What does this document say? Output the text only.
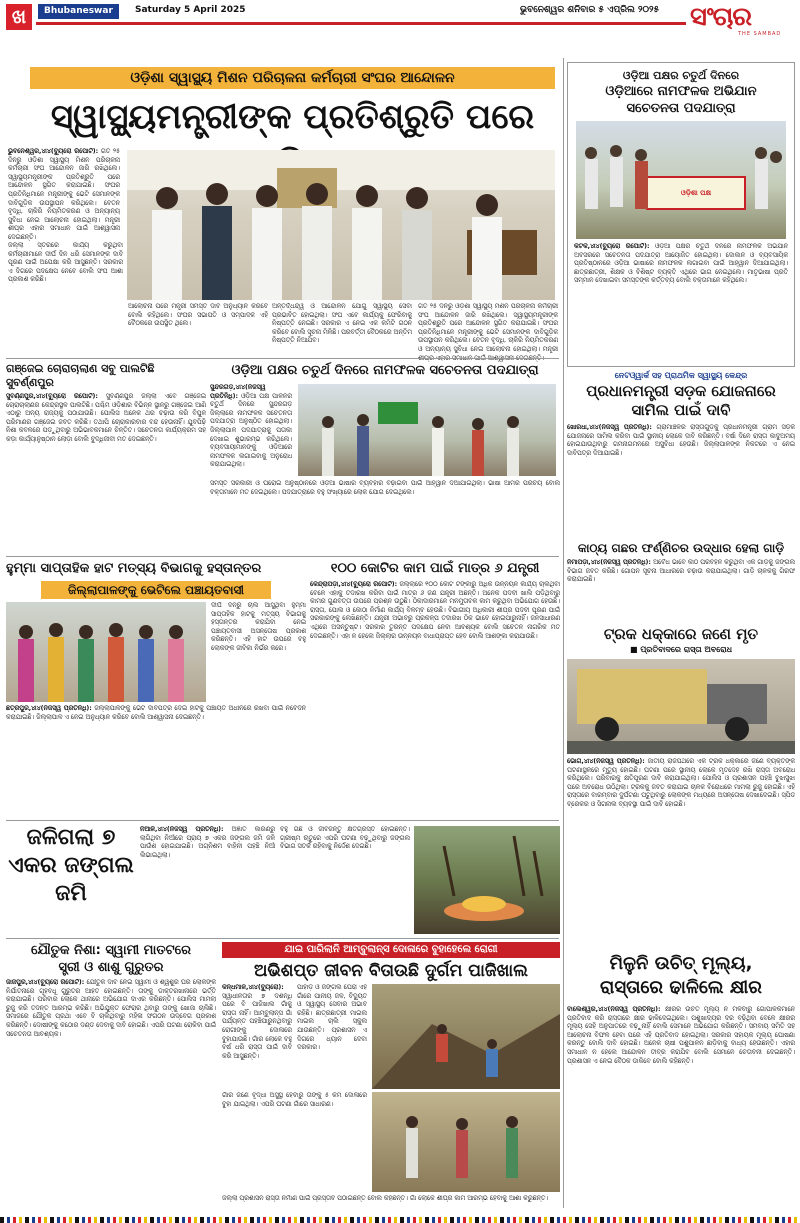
ଖ	Bhubaneswar	Saturday 5 April 2025	ଭୁବନେଶ୍ୱର ଶନିବାର ୫ ଏପ୍ରିଲ ୨୦୨୫ ସଂଚାର
THE SAMBAD
ଓଡ଼ିଶା ସ୍ୱାସ୍ଥ୍ୟ ମିଶନ ପରିଚାଳନା କର୍ମଚାରୀ ସଂଘର ଆନ୍ଦୋଳନ
ସ୍ୱାସ୍ଥ୍ୟମନ୍ତ୍ରୀଙ୍କ ପ୍ରତିଶ୍ରୁତି ପରେ
ଭୁବନେଶ୍ୱର,୪ା୪(ବ୍ୟୁରୋ ରିପୋର୍ଟ): ଗତ ୨୫ ଦିନରୁ ଓଡ଼ିଶା ସ୍ୱାସ୍ଥ୍ୟ ମିଶନ ପରିଚାଳନା କର୍ମଚାରୀ ସଂଘ ଆନ୍ଦୋଳନ ଜାରି ରଖିଥିଲେ। ସ୍ୱାସ୍ଥ୍ୟମନ୍ତ୍ରୀଙ୍କ ପ୍ରତିଶ୍ରୁତି ପରେ ଆନ୍ଦୋଳନ ସ୍ଥଗିତ କରାଯାଇଛି। ସଂଘର ପ୍ରତିନିଧିମାନେ ମନ୍ତ୍ରୀଙ୍କୁ ଭେଟି ସେମାନଙ୍କ ଦାବିଗୁଡ଼ିକ ଉପସ୍ଥାପନ କରିଥିଲେ। ବେତନ ବୃଦ୍ଧି, ଚାକିରି ନିୟମିତକରଣ ଓ ଅନ୍ୟାନ୍ୟ ସୁବିଧା ନେଇ ଆଲୋଚନା ହୋଇଥିଲା। ମନ୍ତ୍ରୀ ଶୀଘ୍ର ଏହାର ସମାଧାନ ପାଇଁ ଆଶ୍ୱାସନା ଦେଇଛନ୍ତି।
ଜିଲ୍ଲା ସ୍ତରରେ କାର୍ଯ୍ୟ କରୁଥିବା କର୍ମଚାରୀମାନେ ଦୀର୍ଘ ଦିନ ଧରି ସେମାନଙ୍କ ଦାବି ପୂରଣ ପାଇଁ ଅପେକ୍ଷା କରି ଆସୁଛନ୍ତି। ସରକାର ଏ ଦିଗରେ ପଦକ୍ଷେପ ନେବେ ବୋଲି ସଂଘ ଆଶା ପ୍ରକାଶ କରିଛି।
ଆଲୋଚନା ପରେ ମନ୍ତ୍ରୀ ସମସ୍ତ ଦାବି ଅନୁଧ୍ୟାନ କରିବେ ବୋଲି କହିଥିଲେ। ସଂଘର ସଭାପତି ଓ ସମ୍ପାଦକ ଏହି ବୈଠକରେ ଉପସ୍ଥିତ ଥିଲେ।
ଅନ୍ତର୍ଦ୍ଧନ୍ଦ୍ୱ ଓ ଆନ୍ଦୋଳନ ଯୋଗୁ ସ୍ୱାସ୍ଥ୍ୟ ସେବା ପ୍ରଭାବିତ ହୋଇଥିଲା। ସଂଘ ଏବେ କାର୍ଯ୍ୟକୁ ଫେରିବାକୁ ନିଷ୍ପତ୍ତି ନେଇଛି। ସରକାର ଏ ନେଇ ଏକ କମିଟି ଗଠନ କରିବେ ବୋଲି ସୂଚନା ମିଳିଛି। ପରବର୍ତ୍ତୀ ବୈଠକରେ ଅନ୍ତିମ ନିଷ୍ପତ୍ତି ନିଆଯିବ।
ଗତ ୨୫ ଦିନରୁ ଓଡ଼ିଶା ସ୍ୱାସ୍ଥ୍ୟ ମିଶନ ପରିଚାଳନା କର୍ମଚାରୀ ସଂଘ ଆନ୍ଦୋଳନ ଜାରି ରଖିଥିଲେ। ସ୍ୱାସ୍ଥ୍ୟମନ୍ତ୍ରୀଙ୍କ ପ୍ରତିଶ୍ରୁତି ପରେ ଆନ୍ଦୋଳନ ସ୍ଥଗିତ କରାଯାଇଛି। ସଂଘର ପ୍ରତିନିଧିମାନେ ମନ୍ତ୍ରୀଙ୍କୁ ଭେଟି ସେମାନଙ୍କ ଦାବିଗୁଡ଼ିକ ଉପସ୍ଥାପନ କରିଥିଲେ। ବେତନ ବୃଦ୍ଧି, ଚାକିରି ନିୟମିତକରଣ ଓ ଅନ୍ୟାନ୍ୟ ସୁବିଧା ନେଇ ଆଲୋଚନା ହୋଇଥିଲା। ମନ୍ତ୍ରୀ
ଓଡ଼ିଆ ପକ୍ଷର ଚତୁର୍ଥ ଦିନରେ
ଓଡ଼ିଆରେ ନାମଫଳକ ଅଭିଯାନ
ସଚେତନତା ପଦଯାତ୍ରା
ଓଡ଼ିଶା ପକ୍ଷ
କଟକ,୪ା୪(ବ୍ୟୁରୋ ରିପୋର୍ଟ): ଓଡ଼ିଆ ପକ୍ଷର ଚତୁର୍ଥ ଦିନରେ ନାମଫଳକ ଅଭିଯାନ ଅବସରରେ ସଚେତନତା ପଦଯାତ୍ରା ଆୟୋଜିତ ହୋଇଥିଲା। ଦୋକାନ ଓ ବ୍ୟବସାୟିକ ପ୍ରତିଷ୍ଠାନରେ ଓଡ଼ିଆ ଭାଷାରେ ନାମଫଳକ ଲଗାଇବା ପାଇଁ ଆହ୍ୱାନ ଦିଆଯାଇଥିଲା। ଛାତ୍ରଛାତ୍ରୀ, ଶିକ୍ଷକ ଓ ବିଶିଷ୍ଟ ବ୍ୟକ୍ତି ଏଥିରେ ଭାଗ ନେଇଥିଲେ। ମାତୃଭାଷା ପ୍ରତି ସମ୍ମାନ ଦେଖାଇବା ସମସ୍ତଙ୍କ କର୍ତ୍ତବ୍ୟ ବୋଲି ବକ୍ତାମାନେ କହିଥିଲେ।
ନେଟଓ୍ୱାର୍କ ସହ ପ୍ରାଥମିକ ସ୍ୱାସ୍ଥ୍ୟ କେନ୍ଦ୍ର
ପ୍ରଧାନମନ୍ତ୍ରୀ ସଡ଼କ ଯୋଜନାରେ
ସାମିଲ ପାଇଁ ଦାବି
ଖୋରଧା,୪ା୪(ନିଜସ୍ୱ ପ୍ରତିନିଧି): ଗ୍ରାମାଞ୍ଚଳର ରାସ୍ତାଗୁଡ଼ିକୁ ପ୍ରଧାନମନ୍ତ୍ରୀ ଗ୍ରାମ ସଡ଼କ ଯୋଜନାରେ ସାମିଲ କରିବା ପାଇଁ ସ୍ଥାନୀୟ ଲୋକେ ଦାବି କରିଛନ୍ତି। ବର୍ଷା ଦିନେ ରାସ୍ତା କାଦୁଅମୟ ହୋଇଯାଉଥିବାରୁ ଗମନାଗମନରେ ଅସୁବିଧା ହେଉଛି। ଜିଲ୍ଲାପାଳଙ୍କ ନିକଟରେ ଏ ନେଇ ଦାବିପତ୍ର ଦିଆଯାଇଛି।
କାଠ୍ୟ ଗଛର ଫର୍ଣ୍ଣିଚର ଉଦ୍ଧାର ହେଲା ଗାଡ଼ି
ନିମାପଡ଼ା,୪ା୪(ନିଜସ୍ୱ ପ୍ରତିନିଧି): ଅବୈଧ ଭାବେ କାଠ ପରିବହନ କରୁଥିବା ଏକ ଗାଡ଼ିକୁ ଜଙ୍ଗଲ ବିଭାଗ ଜବତ କରିଛି। ଗୋପନ ସୂଚନା ଆଧାରରେ ଚଢ଼ାଉ କରାଯାଇଥିଲା। ଗାଡ଼ି ଚାଳକକୁ ଗିରଫ କରାଯାଇଛି।
ଟ୍ରକ ଧକ୍କାରେ ଜଣେ ମୃତ
■ ପ୍ରତିବାଦରେ ରାସ୍ତା ଅବରୋଧ
ଭୋଗ,୪ା୪(ନିଜସ୍ୱ ପ୍ରତିନିଧି): ଜାତୀୟ ରାଜପଥରେ ଏକ ଟ୍ରକ ଧକ୍କାରେ ଜଣେ ବ୍ୟକ୍ତିଙ୍କ ଘଟଣାସ୍ଥଳରେ ମୃତ୍ୟୁ ହୋଇଛି। ଘଟଣା ପରେ ସ୍ଥାନୀୟ ଲୋକେ ମୃତଦେହ ରଖି ରାସ୍ତା ଅବରୋଧ କରିଥିଲେ। ପରିବାରକୁ କ୍ଷତିପୂରଣ ଦାବି କରାଯାଇଥିଲା। ପୋଲିସ ଓ ପ୍ରଶାସନ ପହଞ୍ଚି ବୁଝାସୁଝା ପରେ ଅବରୋଧ ଉଠିଥିଲା। ଟ୍ରକକୁ ଜବତ କରାଯାଇ ଚାଳକ ବିରୋଧରେ ମାମଲା ରୁଜୁ ହୋଇଛି। ଏହି ରାସ୍ତାରେ ବାରମ୍ବାର ଦୁର୍ଘଟଣା ଘଟୁଥିବାରୁ ଲୋକଙ୍କ ମଧ୍ୟରେ ଅସନ୍ତୋଷ ଦେଖାଦେଇଛି। ସ୍ପିଡ ବ୍ରେକର ଓ ସିଗନାଲ ବ୍ୟବସ୍ଥା ପାଇଁ ଦାବି ହୋଇଛି।
ମିଳୁନି ଉଚିତ୍ ମୂଲ୍ୟ,
ରାସ୍ତାରେ ଢାଳିଲେ କ୍ଷୀର
ବାଲେଶ୍ୱର,୪ା୪(ନିଜସ୍ୱ ପ୍ରତିନିଧି): କ୍ଷୀରର ଉଚିତ ମୂଲ୍ୟ ନ ମିଳିବାରୁ ଗୋପାଳକମାନେ ପ୍ରତିବାଦ କରି ରାସ୍ତାରେ କ୍ଷୀର ଢାଳିଦେଇଥିଲେ। ପଶୁଖାଦ୍ୟର ଦର ବଢ଼ିଥିବା ବେଳେ କ୍ଷୀରର ମୂଲ୍ୟ ସେହି ଅନୁପାତରେ ବଢ଼ୁନାହିଁ ବୋଲି ସେମାନେ ଅଭିଯୋଗ କରିଛନ୍ତି। ସମବାୟ ସମିତି ସହ ଆଲୋଚନା ବିଫଳ ହେବା ପରେ ଏହି ପ୍ରତିବାଦ ହୋଇଥିଲା। ସରକାର ସହାୟକ ମୂଲ୍ୟ ଘୋଷଣା କରନ୍ତୁ ବୋଲି ଦାବି ହୋଇଛି। ଅନେକ ଚାଷୀ ପଶୁପାଳନ ଛାଡ଼ିବାକୁ ବାଧ୍ୟ ହେଉଛନ୍ତି। ଏହାର ସମାଧାନ ନ ହେଲେ ଆନ୍ଦୋଳନ ତୀବ୍ର କରାଯିବ ବୋଲି ସେମାନେ ଚେତାବନୀ ଦେଇଛନ୍ତି। ପ୍ରଶାସନ ଏ ନେଇ ବୈଠକ ଡାକିବେ ବୋଲି କହିଛନ୍ତି।
ଗଞ୍ଜେଇ ଚୋରାଚାଲାଣ ସବୁ ପାଲଟିଛି ସୁବର୍ଣ୍ଣପୁର
ସୁବର୍ଣ୍ଣପୁର,୪ା୪(ବ୍ୟୁରୋ ରିପୋର୍ଟ): ସୁବର୍ଣ୍ଣପୁର ଜିଲ୍ଲା ଏବେ ଗଞ୍ଜେଇ ଚୋରାଚାଲାଣର କେନ୍ଦ୍ରସ୍ଥଳ ପାଲଟିଛି। ପଶ୍ଚିମ ଓଡ଼ିଶାର ବିଭିନ୍ନ ସ୍ଥାନରୁ ଗଞ୍ଜେଇ ଆଣି ଏଠାରୁ ଅନ୍ୟ ରାଜ୍ୟକୁ ପଠାଯାଉଛି। ପୋଲିସ ଅନେକ ଥର ଚଢ଼ାଉ କରି ବିପୁଳ ପରିମାଣର ଗଞ୍ଜେଇ ଜବତ କରିଛି। ତଥାପି ଚୋରାକାରବାର ବନ୍ଦ ହେଉନାହିଁ। ଯୁବପିଢ଼ି ନିଶା କବଳରେ ପଡ଼ୁଥିବାରୁ ଅଭିଭାବକମାନେ ଚିନ୍ତିତ। ସଚେତନତା କାର୍ଯ୍ୟକ୍ରମ ସହ କଡ଼ା କାର୍ଯ୍ୟାନୁଷ୍ଠାନ ଲୋଡ଼ା ବୋଲି ବୁଦ୍ଧିଜୀବୀ ମତ ଦେଇଛନ୍ତି।
ଓଡ଼ିଆ ପକ୍ଷର ଚତୁର୍ଥ ଦିନରେ ନାମଫଳକ ସଚେତନତା ପଦଯାତ୍ରା
ସୁନ୍ଦରଗଡ଼,୪ା୪(ନିଜସ୍ୱ ପ୍ରତିନିଧି): ଓଡ଼ିଆ ପକ୍ଷ ପାଳନର ଚତୁର୍ଥ ଦିନରେ ସୁନ୍ଦରଗଡ଼ ଜିଲ୍ଲାରେ ନାମଫଳକ ସଚେତନତା ପଦଯାତ୍ରା ଅନୁଷ୍ଠିତ ହୋଇଥିଲା। ଜିଲ୍ଲାପାଳ ପଦଯାତ୍ରାକୁ ପତାକା ଦେଖାଇ ଶୁଭାରମ୍ଭ କରିଥିଲେ। ବ୍ୟବସାୟୀମାନଙ୍କୁ ଓଡ଼ିଆରେ ନାମଫଳକ ଲଗାଇବାକୁ ଅନୁରୋଧ କରାଯାଇଥିଲା।
ସମସ୍ତ ସରକାରୀ ଓ ଘରୋଇ ଅନୁଷ୍ଠାନରେ ଓଡ଼ିଆ ଭାଷାର ବ୍ୟବହାର ବଢ଼ାଇବା ପାଇଁ ଆହ୍ୱାନ ଦିଆଯାଇଥିଲା। ଭାଷା ଆମର ପରିଚୟ ବୋଲି ବକ୍ତାମାନେ ମତ ଦେଇଥିଲେ। ପଦଯାତ୍ରାରେ ବହୁ ସଂଖ୍ୟାରେ ଲୋକ ଯୋଗ ଦେଇଥିଲେ।
ହୁମ୍ମା ସାପ୍ତାହିକ ହାଟ ମତ୍ସ୍ୟ ବିଭାଗକୁ ହସ୍ତାନ୍ତର
ଜିଲ୍ଲାପାଳଙ୍କୁ ଭେଟିଲେ ପଞ୍ଚାୟତବାସୀ
ଦୀର୍ଘ ଦିନରୁ ଚାଲି ଆସୁଥିବା ହୁମ୍ମା ସାପ୍ତାହିକ ହାଟକୁ ମତ୍ସ୍ୟ ବିଭାଗକୁ ହସ୍ତାନ୍ତର କରାଯିବା ନେଇ ପଞ୍ଚାୟତବାସୀ ଅସନ୍ତୋଷ ପ୍ରକାଶ କରିଛନ୍ତି। ଏହି ହାଟ ଉପରେ ବହୁ ଲୋକଙ୍କ ଜୀବିକା ନିର୍ଭର କରେ।
ଛତ୍ରପୁର,୪ା୪(ନିଜସ୍ୱ ପ୍ରତିନିଧି): ଜିଲ୍ଲାପାଳଙ୍କୁ ଭେଟି ଦାବିପତ୍ର ଦେଇ ହାଟକୁ ପଞ୍ଚାୟତ ଅଧୀନରେ ରଖିବା ପାଇଁ ନିବେଦନ କରାଯାଇଛି। ଜିଲ୍ଲାପାଳ ଏ ନେଇ ଅନୁଧ୍ୟାନ କରିବେ ବୋଲି ଆଶ୍ୱାସନା ଦେଇଛନ୍ତି।
୧୦୦ କୋଟିର କାମ ପାଇଁ ମାତ୍ର ୬ ଯନ୍ତ୍ରୀ
କେନ୍ଦ୍ରାପଡ଼ା,୪ା୪(ବ୍ୟୁରୋ ରିପୋର୍ଟ): ଜିଲ୍ଲାରେ ୧୦୦ କୋଟି ଟଙ୍କାରୁ ଅଧିକ ଉନ୍ନୟନ କାର୍ଯ୍ୟ ଚାଲିଥିବା ବେଳେ ଏହାକୁ ତଦାରଖ କରିବା ପାଇଁ ମାତ୍ର ୬ ଜଣ ଯନ୍ତ୍ରୀ ଅଛନ୍ତି। ଅନେକ ପଦବୀ ଖାଲି ପଡ଼ିଥିବାରୁ କାମର ଗୁଣବତ୍ତା ଉପରେ ପ୍ରଶ୍ନ ଉଠୁଛି। ଠିକାଦାରମାନେ ମନମୁତାବକ କାମ କରୁଥିବା ଅଭିଯୋଗ ହେଉଛି। ରାସ୍ତା, ପୋଲ ଓ କୋଠା ନିର୍ମାଣ କାର୍ଯ୍ୟ ବିଳମ୍ବ ହେଉଛି। ବିଭାଗୀୟ ଅଧିକାରୀ ଶୀଘ୍ର ପଦବୀ ପୂରଣ ପାଇଁ ସରକାରଙ୍କୁ ଲେଖିଛନ୍ତି। ଯନ୍ତ୍ରୀ ଅଭାବରୁ ପ୍ରକଳ୍ପ ତଦାରଖ ଠିକ ଭାବେ ହୋଇପାରୁନାହିଁ। ଜନସାଧାରଣ ଏଥିରେ ଅସନ୍ତୁଷ୍ଟ। ସରକାର ତୁରନ୍ତ ପଦକ୍ଷେପ ନେବା ଆବଶ୍ୟକ ବୋଲି ସଚେତନ ନାଗରିକ ମତ ଦେଇଛନ୍ତି। ଏହା ନ ହେଲେ ଜିଲ୍ଲାର ଉନ୍ନୟନ ବାଧାପ୍ରାପ୍ତ ହେବ ବୋଲି ଆଶଙ୍କା କରାଯାଉଛି।
ଜଳିଗଲା ୭ ଏକର ଜଙ୍ଗଲ ଜମି
ନିଆଳି,୪ା୪(ନିଜସ୍ୱ ପ୍ରତିନିଧି): ଅଜ୍ଞାତ କାରଣରୁ ଲାଗିଥିବା ନିଆଁରେ ପ୍ରାୟ ୭ ଏକର ଜଙ୍ଗଲ ଜମି ଜଳି ପାଉଁଶ ହୋଇଯାଇଛି। ଅଗ୍ନିଶମ ବାହିନୀ ପହଞ୍ଚି ନିଆଁ ଲିଭାଇଥିଲା।
ବହୁ ଗଛ ଓ ଜୀବଜନ୍ତୁ କ୍ଷତିଗ୍ରସ୍ତ ହୋଇଛନ୍ତି। ଗ୍ରୀଷ୍ମ ଋତୁରେ ଏପରି ଘଟଣା ବଢ଼ୁଥିବାରୁ ଜଙ୍ଗଲ ବିଭାଗ ସତର୍କ ରହିବାକୁ ନିର୍ଦ୍ଦେଶ ଦେଇଛି।
ଯୌତୁକ ନିଶା: ସ୍ୱାମୀ ମାତଟରେ
ସ୍ତ୍ରୀ ଓ ଶାଶୁ ଗୁରୁତର
ଜାଜପୁର,୪ା୪(ବ୍ୟୁରୋ ରିପୋର୍ଟ): ଯୌତୁକ ଦାବି ନେଇ ସ୍ୱାମୀ ଓ ଶ୍ୱଶୁର ଘର ଲୋକଙ୍କ ନିର୍ଯାତନାରେ ଗୃହବଧୂ ଗୁରୁତର ଆହତ ହୋଇଛନ୍ତି। ତାଙ୍କୁ ଡାକ୍ତରଖାନାରେ ଭର୍ତ୍ତି କରାଯାଇଛି। ପରିବାର ଲୋକେ ଥାନାରେ ଅଭିଯୋଗ ଦାଏର କରିଛନ୍ତି। ପୋଲିସ ମାମଲା ରୁଜୁ କରି ତଦନ୍ତ ଆରମ୍ଭ କରିଛି। ଅଭିଯୁକ୍ତ ଫେରାର ଥିବାରୁ ତାଙ୍କୁ ଖୋଜା ଚାଲିଛି। ସମାଜରେ ଯୌତୁକ ପ୍ରଥା ଏବେ ବି ଚାଲିଥିବାରୁ ମହିଳା ସଂଗଠନ ଉଦ୍ବେଗ ପ୍ରକାଶ କରିଛନ୍ତି। ଦୋଷୀଙ୍କୁ କଠୋର ଦଣ୍ଡ ଦେବାକୁ ଦାବି ହୋଇଛି। ଏପରି ଘଟଣା ରୋକିବା ପାଇଁ ସଚେତନତା ଆବଶ୍ୟକ।
ଯାଇ ପାରିଲାନି ଆମ୍ବୁଲାନ୍ସ ଦୋଳାରେ ବୁହାହେଲେ ରୋଗୀ
ଅଭିଶପ୍ତ ଜୀବନ ବିତାଉଛି ଦୁର୍ଗମ ପାଜିଖାଲ
କନ୍ଧମାଳ,୪ା୪(ବ୍ୟୁରୋ): ସ୍ୱାଧୀନତାର ୭ ଦଶନ୍ଧି ପରେ ବି ପାଜିଖାଲ ଗାଁକୁ ରାସ୍ତା ନାହିଁ। ଆମ୍ବୁଲାନ୍ସ ଗାଁ ପର୍ଯ୍ୟନ୍ତ ପହଞ୍ଚିପାରୁନଥିବାରୁ ରୋଗୀଙ୍କୁ ଦୋଳାରେ ବୁହାଯାଉଛି। ଗାଁର ଲୋକେ ବହୁ ବର୍ଷ ଧରି ରାସ୍ତା ପାଇଁ ଦାବି କରି ଆସୁଛନ୍ତି।
ପାହାଡ଼ ଓ ଜଙ୍ଗଲ ଘେରା ଏହି ଗାଁରେ ପାନୀୟ ଜଳ, ବିଦ୍ୟୁତ ଓ ସ୍ୱାସ୍ଥ୍ୟ ସେବାର ଅଭାବ ରହିଛି। ଛାତ୍ରଛାତ୍ରୀ ମାଇଲ ମାଇଲ ଚାଲି ସ୍କୁଲ ଯାଉଛନ୍ତି। ପ୍ରଶାସନ ଏ ଦିଗରେ ଧ୍ୟାନ ଦେବା ଦରକାର।
ଗାଁର ଜଣେ ବୃଦ୍ଧା ଅସୁସ୍ଥ ହେବାରୁ ତାଙ୍କୁ ୫ କିମି ଦୋଳାରେ ବୁହା ଯାଇଥିଲା। ଏପରି ଘଟଣା ଗାଁରେ ସାଧାରଣ।
ଜିଲ୍ଲା ପ୍ରଶାସନ ରାସ୍ତା ନିର୍ମାଣ ପାଇଁ ପ୍ରସ୍ତାବ ପଠାଇଛନ୍ତି ବୋଲି କହିଛନ୍ତି। ଗାଁ ଲୋକେ ଶୀଘ୍ର କାମ ଆରମ୍ଭ ହେବାକୁ ଆଶା କରୁଛନ୍ତି।
